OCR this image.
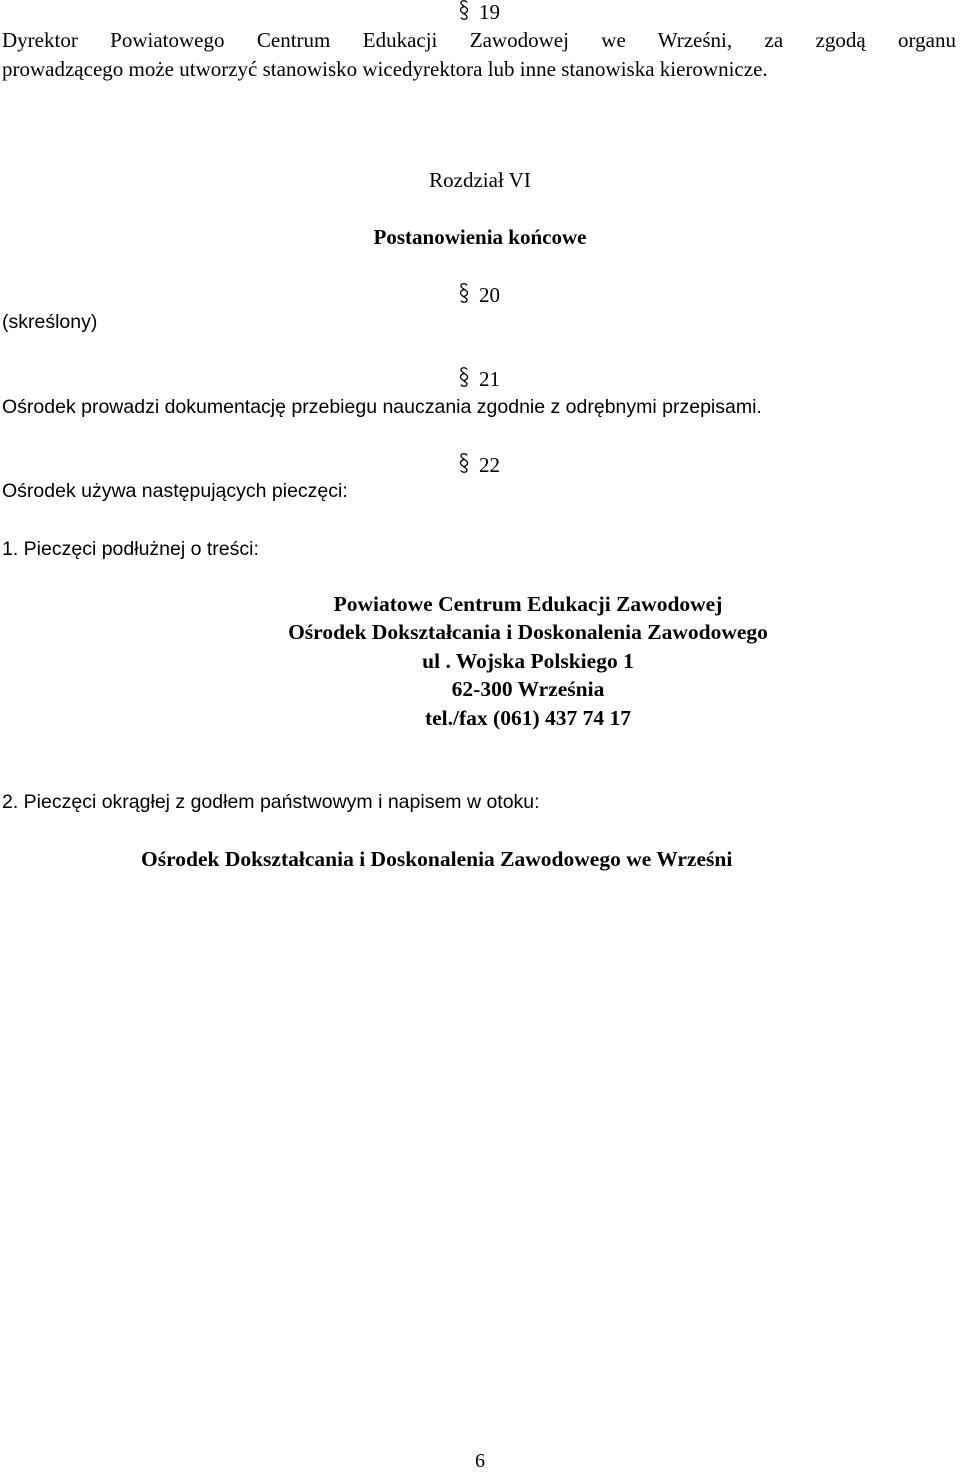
19
Dyrektor Powiatowego Centrum Edukacji Zawodowej we Wrześni, za zgodą organu
prowadzącego może utworzyć stanowisko wicedyrektora lub inne stanowiska kierownicze.
Rozdział VI
Postanowienia końcowe
20
(skreślony)
21
Ośrodek prowadzi dokumentację przebiegu nauczania zgodnie z odrębnymi przepisami.
22
Ośrodek używa następujących pieczęci:
1. Pieczęci podłużnej o treści:
Powiatowe Centrum Edukacji Zawodowej
Ośrodek Dokształcania i Doskonalenia Zawodowego
ul . Wojska Polskiego 1
62-300 Września
tel./fax (061) 437 74 17
2. Pieczęci okrągłej z godłem państwowym i napisem w otoku:
Ośrodek Dokształcania i Doskonalenia Zawodowego we Wrześni
6
